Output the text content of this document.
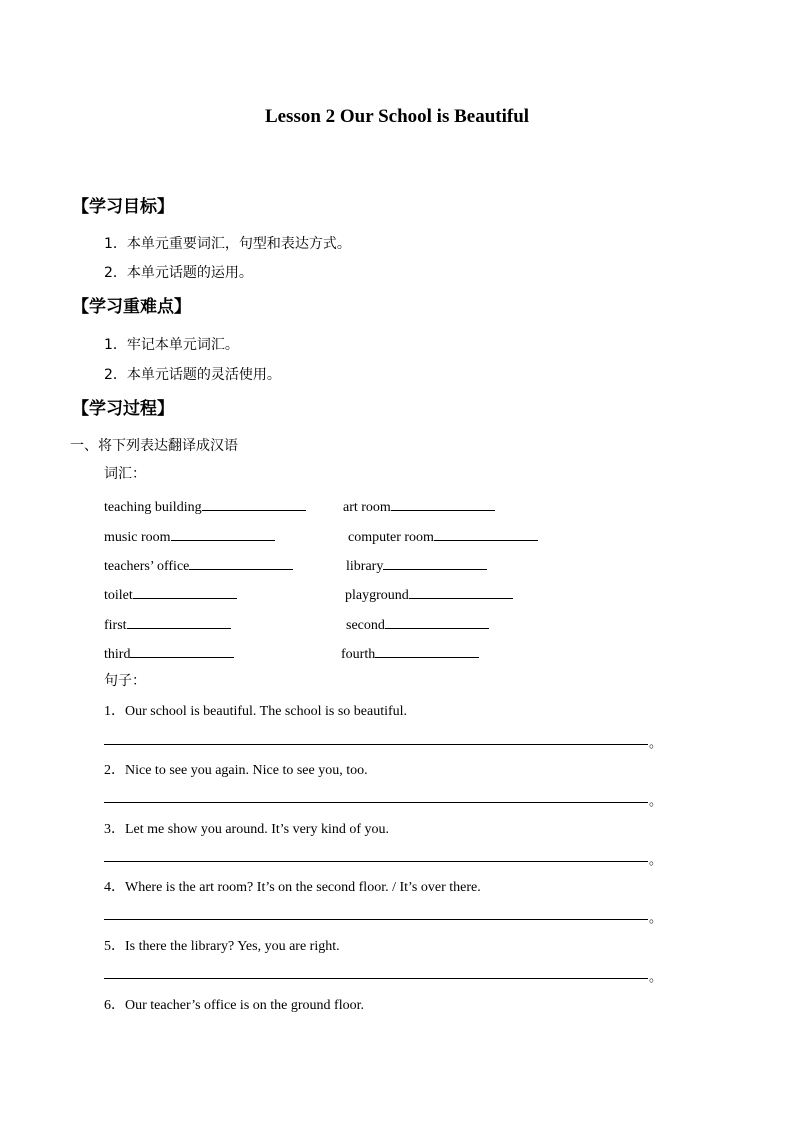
Lesson 2 Our School is Beautiful
【学习目标】
1．本单元重要词汇，句型和表达方式。
2．本单元话题的运用。
【学习重难点】
1．牢记本单元词汇。
2．本单元话题的灵活使用。
【学习过程】
一、将下列表达翻译成汉语
词汇：
teaching building	art room
music room	computer room
teachers’ office	library
toilet	playground
first	second
third	fourth
句子：
1．Our school is beautiful. The school is so beautiful.
。
2．Nice to see you again. Nice to see you, too.
。
3．Let me show you around. It’s very kind of you.
。
4．Where is the art room? It’s on the second floor. / It’s over there.
。
5．Is there the library? Yes, you are right.
。
6．Our teacher’s office is on the ground floor.
